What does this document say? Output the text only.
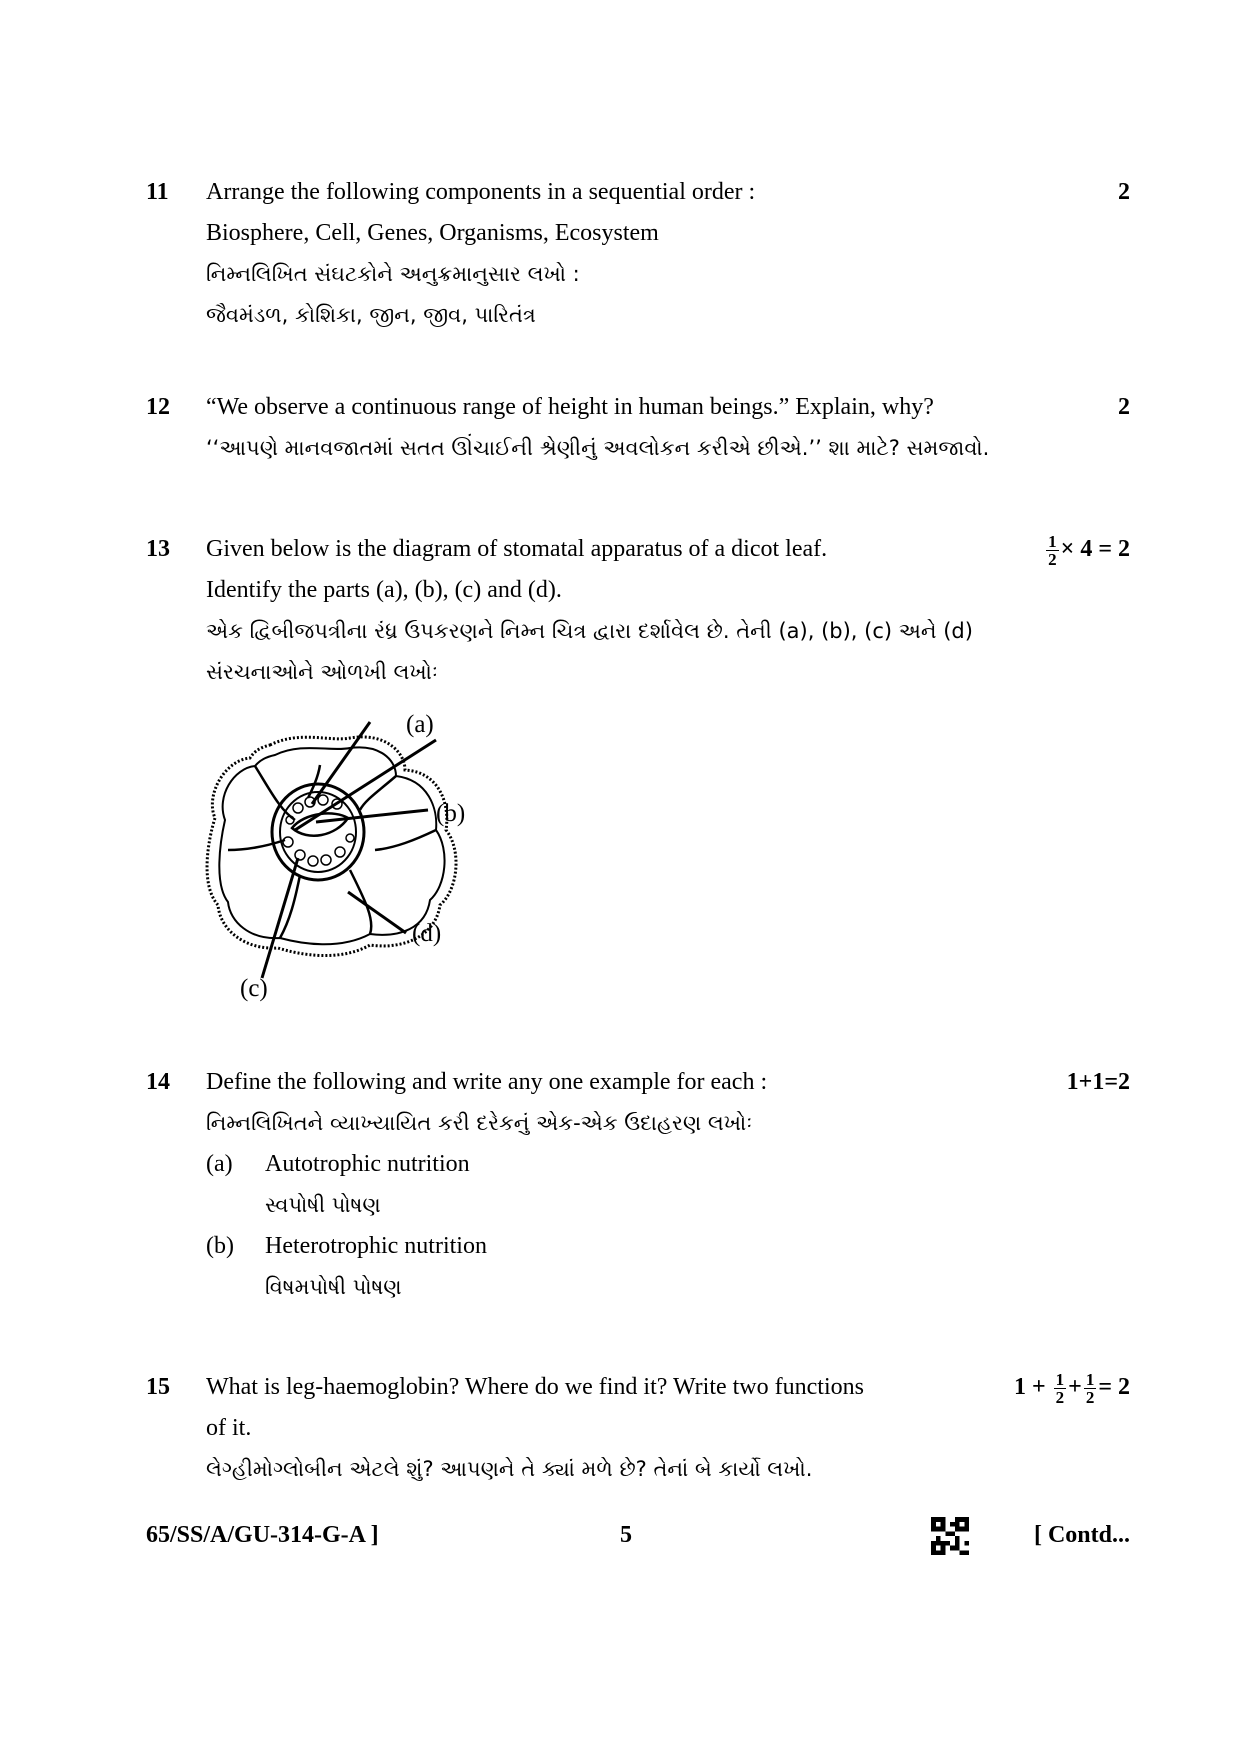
11	2
Arrange the following components in a sequential order :
Biosphere, Cell, Genes, Organisms, Ecosystem
નિમ્નલિખિત સંઘટકોને અનુક્રમાનુસાર લખો :
જૈવમંડળ, કોશિકા, જીન, જીવ, પારિતંત્ર
12	2
“We observe a continuous range of height in human beings.” Explain, why?
‘‘આપણે માનવજાતમાં સતત ઊંચાઈની શ્રેણીનું અવલોકન કરીએ છીએ.’’ શા માટે? સમજાવો.
13	$\frac{1}{2} \times 4 = 2$
Given below is the diagram of stomatal apparatus of a dicot leaf.
Identify the parts (a), (b), (c) and (d).
એક દ્વિબીજપત્રીના રંધ્ર ઉપકરણને નિમ્ન ચિત્ર દ્વારા દર્શાવેલ છે. તેની (a), (b), (c) અને (d)
સંરચનાઓને ઓળખી લખોઃ
(a)
(b)
(d)
(c)
14	1+1=2
Define the following and write any one example for each :
નિમ્નલિખિતને વ્યાખ્યાયિત કરી દરેકનું એક-એક ઉદાહરણ લખોઃ
(a) Autotrophic nutrition
સ્વપોષી પોષણ
(b) Heterotrophic nutrition
વિષમપોષી પોષણ
15	$1 + \frac{1}{2} + \frac{1}{2} = 2$
What is leg-haemoglobin? Where do we find it? Write two functions
of it.
લેગ્હીમોગ્લોબીન એટલે શું? આપણને તે ક્યાં મળે છે? તેનાં બે કાર્યો લખો.
65/SS/A/GU-314-G-A ]	5	[ Contd...
